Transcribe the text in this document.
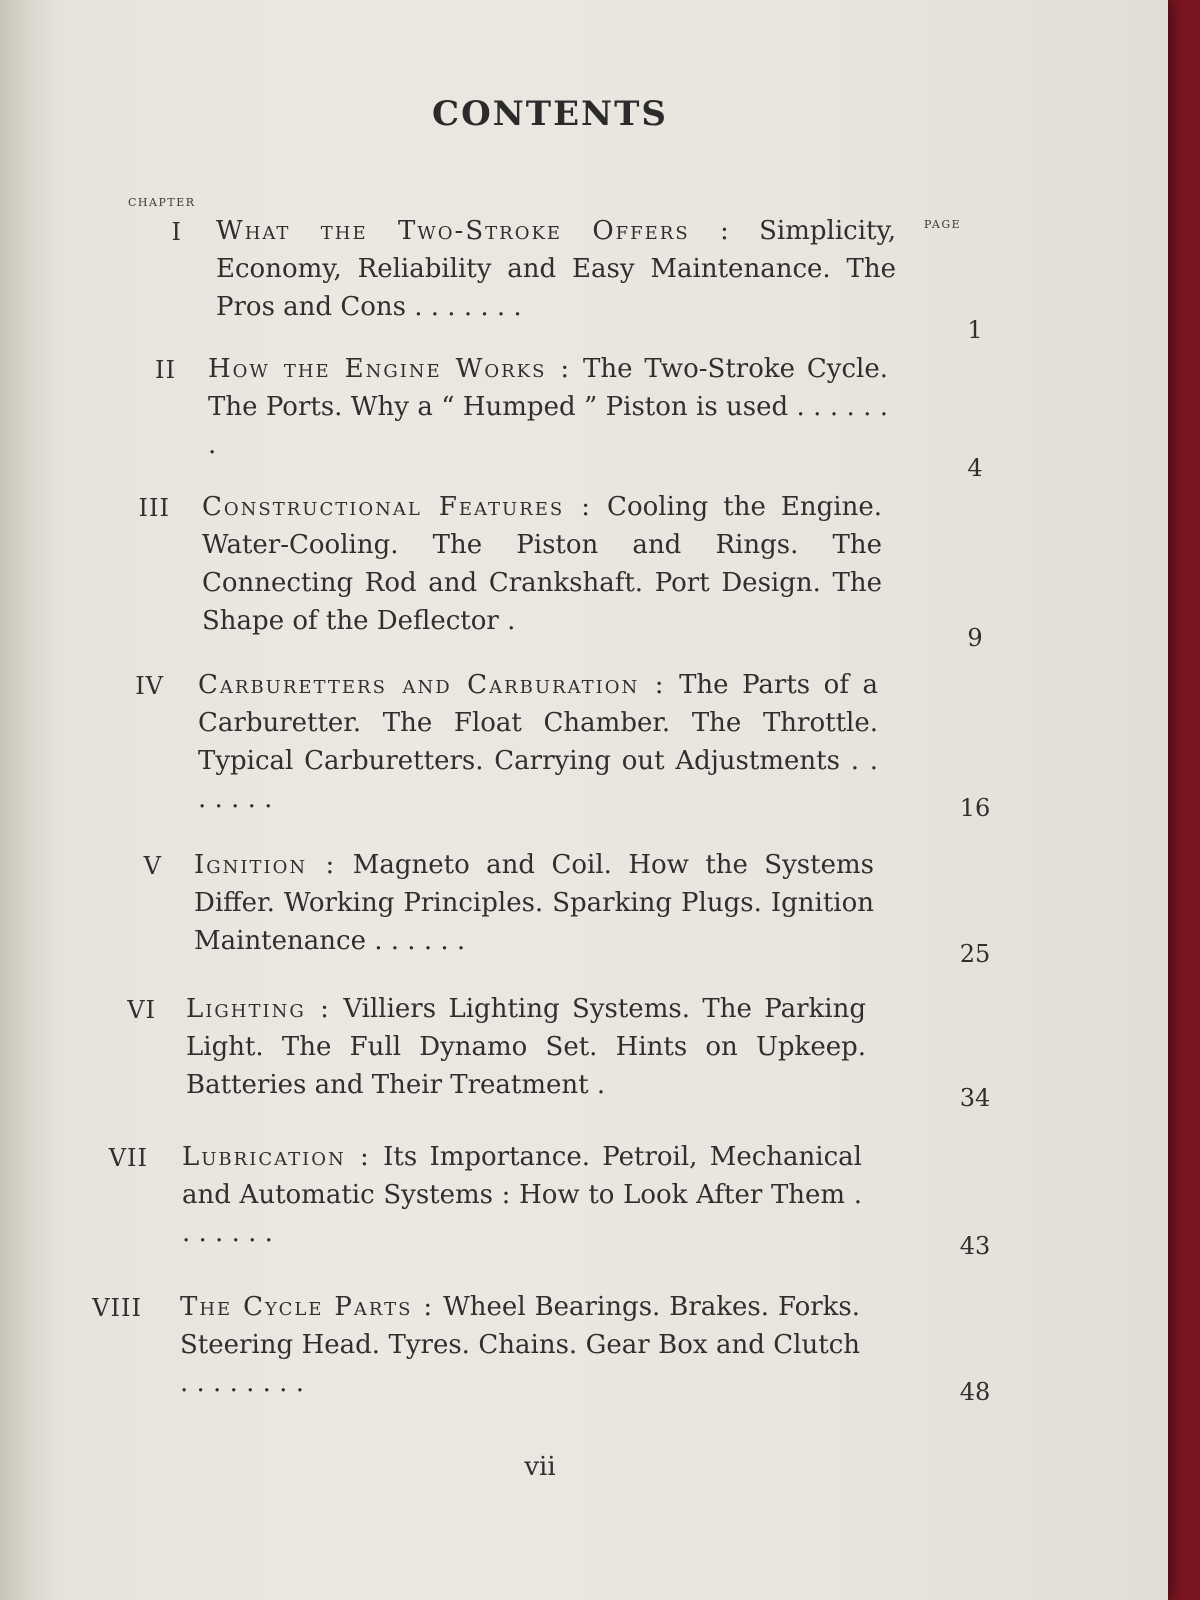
CONTENTS
CHAPTER
PAGE
I What the Two-Stroke Offers : Simplicity, Economy, Reliability and Easy Maintenance. The Pros and Cons . . . . . . .
1
II How the Engine Works : The Two-Stroke Cycle. The Ports. Why a “ Humped ” Piston is used . . . . . . .
4
III Constructional Features : Cooling the Engine. Water-Cooling. The Piston and Rings. The Connecting Rod and Crankshaft. Port Design. The Shape of the Deflector .
9
IV Carburetters and Carburation : The Parts of a Carburetter. The Float Chamber. The Throttle. Typical Carburetters. Carrying out Adjustments . . . . . . .	16
V Ignition : Magneto and Coil. How the Systems Differ. Working Principles. Sparking Plugs. Ignition Maintenance . . . . . .	25
VI Lighting : Villiers Lighting Systems. The Parking Light. The Full Dynamo Set. Hints on Upkeep. Batteries and Their Treatment .	34
VII Lubrication : Its Importance. Petroil, Mechanical and Automatic Systems : How to Look After Them . . . . . . .	43
VIII The Cycle Parts : Wheel Bearings. Brakes. Forks. Steering Head. Tyres. Chains. Gear Box and Clutch . . . . . . . .	48
vii
